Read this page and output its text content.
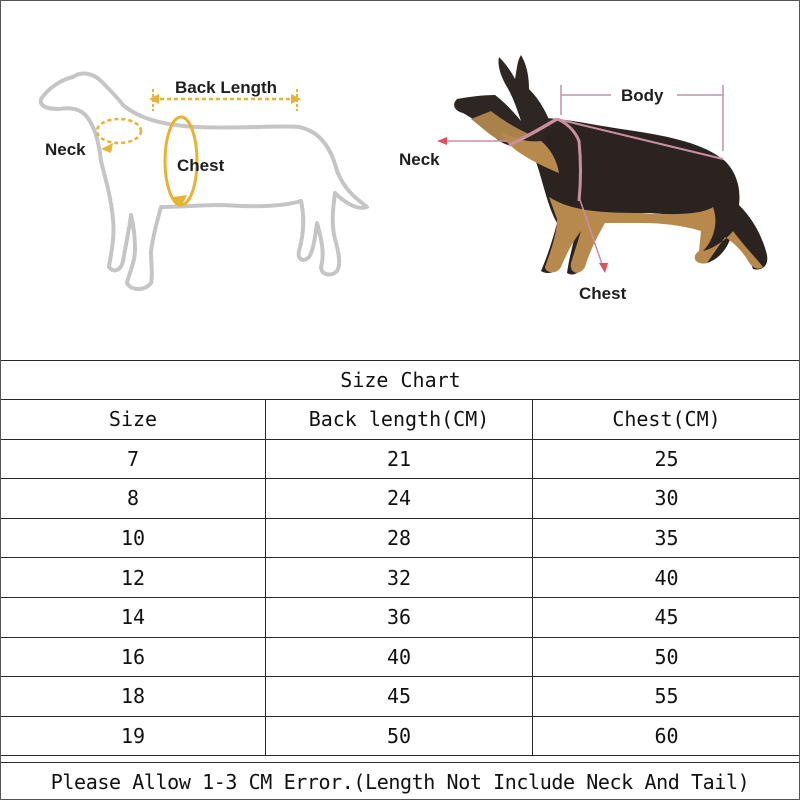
Back Length
Neck
Chest
Body
Neck
Chest
Size Chart		
Size	Back length(CM)	Chest(CM)
7	21	25
8	24	30
10	28	35
12	32	40
14	36	45
16	40	50
18	45	55
19	50	60
Please Allow 1-3 CM Error.(Length Not Include Neck And Tail)
